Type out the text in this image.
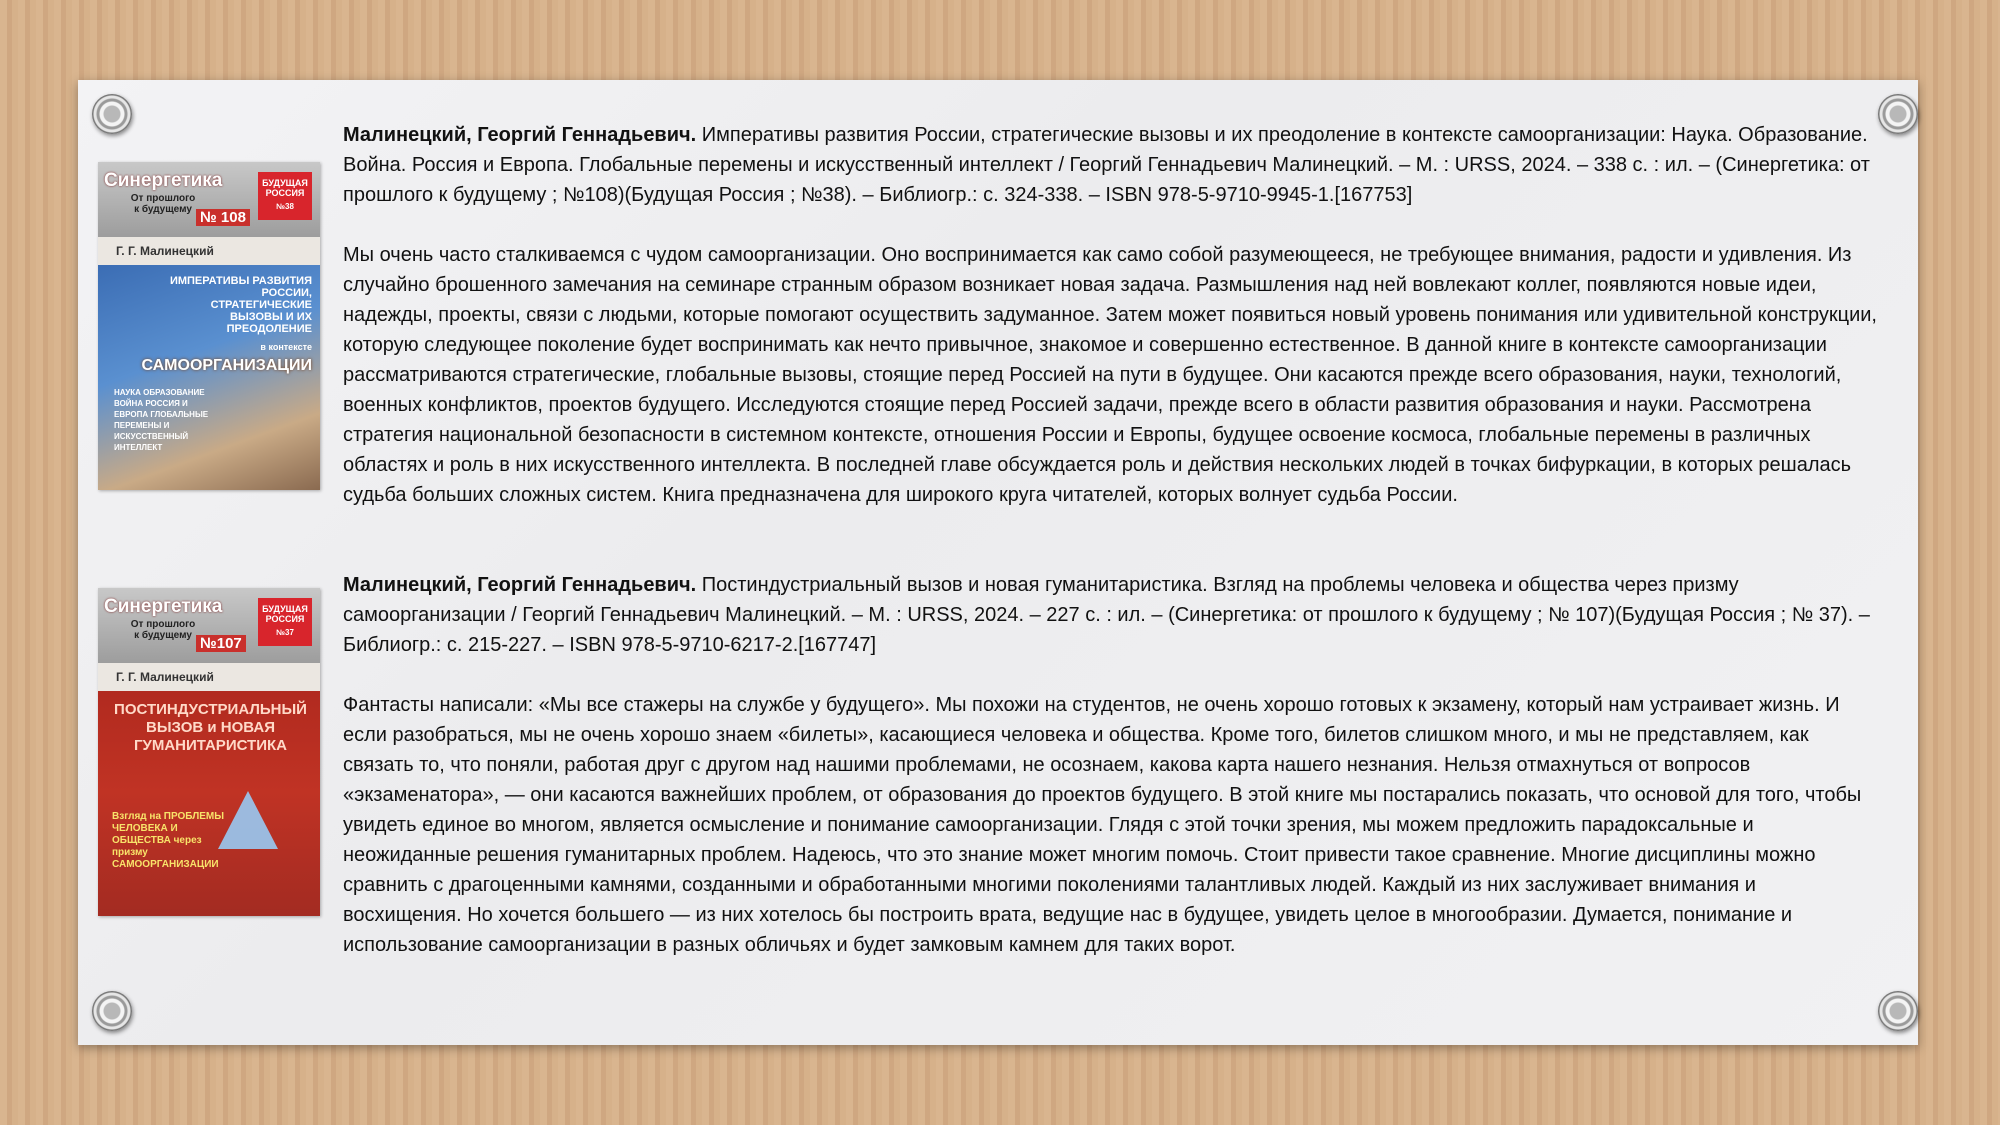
Синергетика
От прошлого к будущему № 108
БУДУЩАЯ РОССИЯ
№38
Г. Г. Малинецкий
ИМПЕРАТИВЫ РАЗВИТИЯ РОССИИ, СТРАТЕГИЧЕСКИЕ ВЫЗОВЫ И ИХ ПРЕОДОЛЕНИЕ
в контексте
САМООРГАНИЗАЦИИ
НАУКА ОБРАЗОВАНИЕ ВОЙНА РОССИЯ И ЕВРОПА ГЛОБАЛЬНЫЕ ПЕРЕМЕНЫ И ИСКУССТВЕННЫЙ ИНТЕЛЛЕКТ

Малинецкий, Георгий Геннадьевич. Императивы развития России, стратегические вызовы и их преодоление в контексте самоорганизации: Наука. Образование. Война. Россия и Европа. Глобальные перемены и искусственный интеллект / Георгий Геннадьевич Малинецкий. – М. : URSS, 2024. – 338 с. : ил. – (Синергетика: от прошлого к будущему ; №108)(Будущая Россия ; №38). – Библиогр.: с. 324-338. – ISBN 978-5-9710-9945-1.[167753]

Мы очень часто сталкиваемся с чудом самоорганизации. Оно воспринимается как само собой разумеющееся, не требующее внимания, радости и удивления. Из случайно брошенного замечания на семинаре странным образом возникает новая задача. Размышления над ней вовлекают коллег, появляются новые идеи, надежды, проекты, связи с людьми, которые помогают осуществить задуманное. Затем может появиться новый уровень понимания или удивительной конструкции, которую следующее поколение будет воспринимать как нечто привычное, знакомое и совершенно естественное. В данной книге в контексте самоорганизации рассматриваются стратегические, глобальные вызовы, стоящие перед Россией на пути в будущее. Они касаются прежде всего образования, науки, технологий, военных конфликтов, проектов будущего. Исследуются стоящие перед Россией задачи, прежде всего в области развития образования и науки. Рассмотрена стратегия национальной безопасности в системном контексте, отношения России и Европы, будущее освоение космоса, глобальные перемены в различных областях и роль в них искусственного интеллекта. В последней главе обсуждается роль и действия нескольких людей в точках бифуркации, в которых решалась судьба больших сложных систем. Книга предназначена для широкого круга читателей, которых волнует судьба России.

Синергетика
От прошлого к будущему №107
БУДУЩАЯ РОССИЯ
№37
Г. Г. Малинецкий
ПОСТИНДУСТРИАЛЬНЫЙ ВЫЗОВ и НОВАЯ ГУМАНИТАРИСТИКА
Взгляд на ПРОБЛЕМЫ ЧЕЛОВЕКА И ОБЩЕСТВА через призму САМООРГАНИЗАЦИИ

Малинецкий, Георгий Геннадьевич. Постиндустриальный вызов и новая гуманитаристика. Взгляд на проблемы человека и общества через призму самоорганизации / Георгий Геннадьевич Малинецкий. – М. : URSS, 2024. – 227 с. : ил. – (Синергетика: от прошлого к будущему ; № 107)(Будущая Россия ; № 37). – Библиогр.: с. 215-227. – ISBN 978-5-9710-6217-2.[167747]

Фантасты написали: «Мы все стажеры на службе у будущего». Мы похожи на студентов, не очень хорошо готовых к экзамену, который нам устраивает жизнь. И если разобраться, мы не очень хорошо знаем «билеты», касающиеся человека и общества. Кроме того, билетов слишком много, и мы не представляем, как связать то, что поняли, работая друг с другом над нашими проблемами, не осознаем, какова карта нашего незнания. Нельзя отмахнуться от вопросов «экзаменатора», — они касаются важнейших проблем, от образования до проектов будущего. В этой книге мы постарались показать, что основой для того, чтобы увидеть единое во многом, является осмысление и понимание самоорганизации. Глядя с этой точки зрения, мы можем предложить парадоксальные и неожиданные решения гуманитарных проблем. Надеюсь, что это знание может многим помочь. Стоит привести такое сравнение. Многие дисциплины можно сравнить с драгоценными камнями, созданными и обработанными многими поколениями талантливых людей. Каждый из них заслуживает внимания и восхищения. Но хочется большего — из них хотелось бы построить врата, ведущие нас в будущее, увидеть целое в многообразии. Думается, понимание и использование самоорганизации в разных обличьях и будет замковым камнем для таких ворот.
